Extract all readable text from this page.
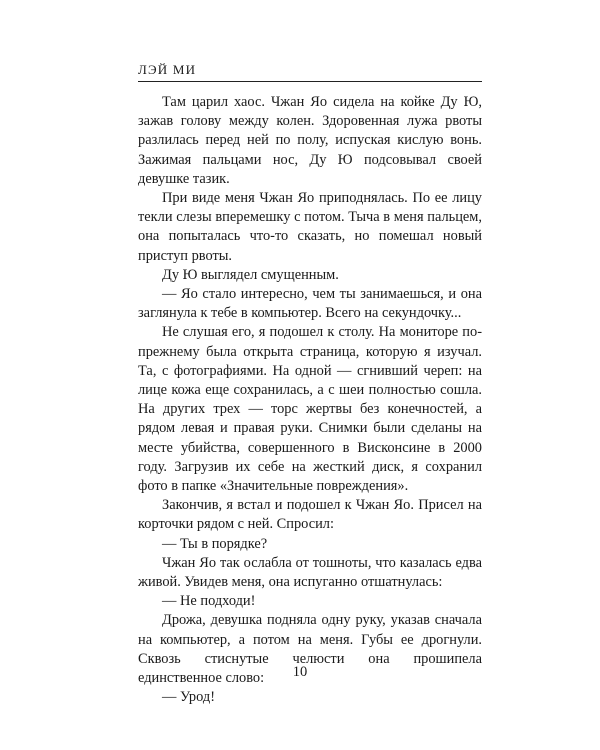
ЛЭЙ МИ

Там царил хаос. Чжан Яо сидела на койке Ду Ю, зажав голову между колен. Здоровенная лужа рвоты разлилась перед ней по полу, испуская кислую вонь. Зажимая пальцами нос, Ду Ю подсовывал своей девушке тазик.

При виде меня Чжан Яо приподнялась. По ее лицу текли слезы вперемешку с потом. Тыча в меня пальцем, она попыталась что-то сказать, но помешал новый приступ рвоты.

Ду Ю выглядел смущенным.

— Яо стало интересно, чем ты занимаешься, и она заглянула к тебе в компьютер. Всего на секундочку...

Не слушая его, я подошел к столу. На мониторе по-прежнему была открыта страница, которую я изучал. Та, с фотографиями. На одной — сгнивший череп: на лице кожа еще сохранилась, а с шеи полностью сошла. На других трех — торс жертвы без конечностей, а рядом левая и правая руки. Снимки были сделаны на месте убийства, совершенного в Висконсине в 2000 году. Загрузив их себе на жесткий диск, я сохранил фото в папке «Значительные повреждения».

Закончив, я встал и подошел к Чжан Яо. Присел на корточки рядом с ней. Спросил:

— Ты в порядке?

Чжан Яо так ослабла от тошноты, что казалась едва живой. Увидев меня, она испуганно отшатнулась:

— Не подходи!

Дрожа, девушка подняла одну руку, указав сначала на компьютер, а потом на меня. Губы ее дрогнули. Сквозь стиснутые челюсти она прошипела единственное слово:

— Урод!

10
